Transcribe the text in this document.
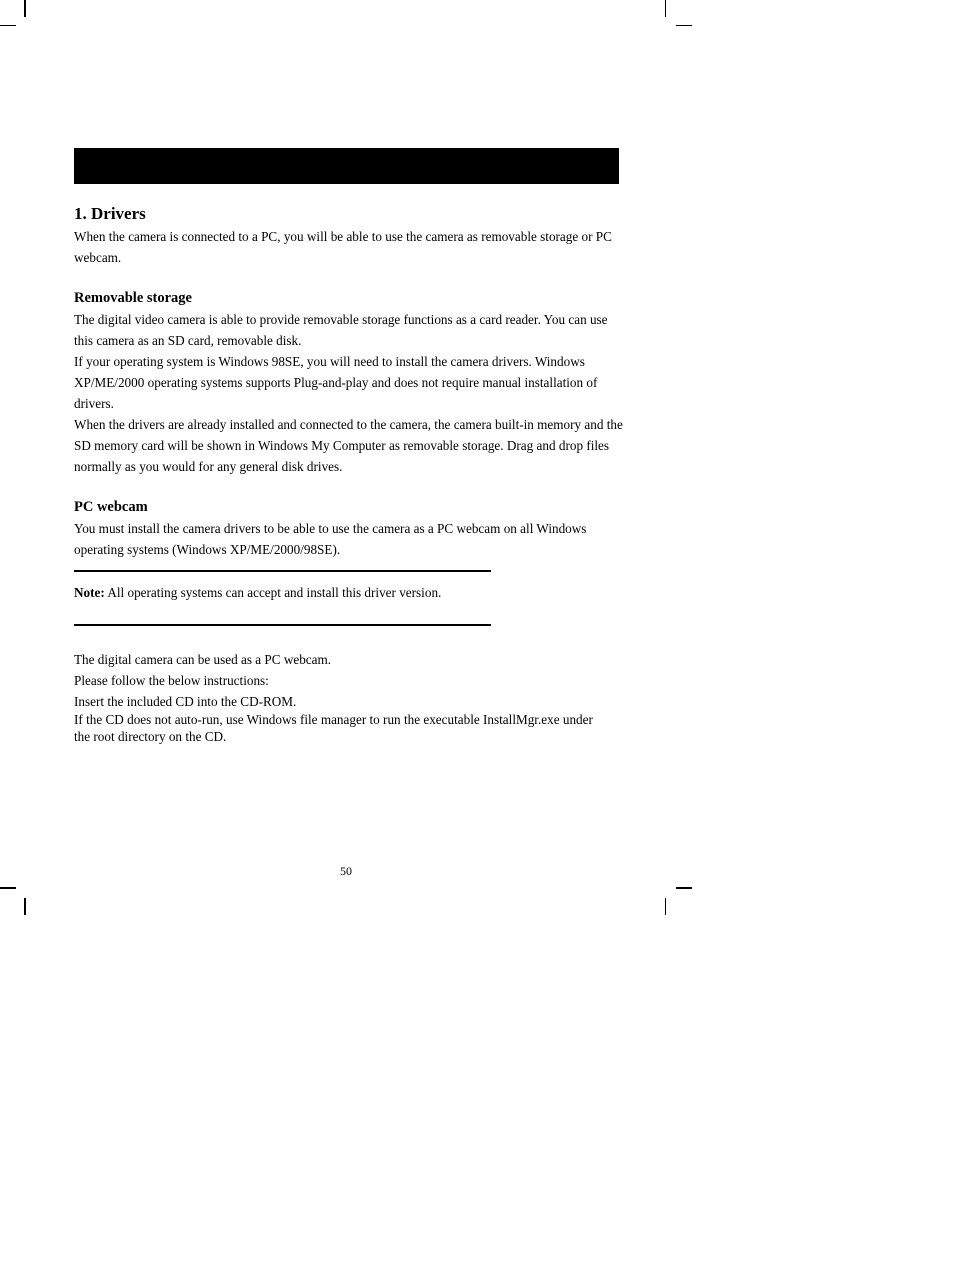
1. Drivers

When the camera is connected to a PC, you will be able to use the camera as removable storage or PC webcam.

Removable storage

The digital video camera is able to provide removable storage functions as a card reader. You can use this camera as an SD card, removable disk.

If your operating system is Windows 98SE, you will need to install the camera drivers. Windows XP/ME/2000 operating systems supports Plug-and-play and does not require manual installation of drivers.

When the drivers are already installed and connected to the camera, the camera built-in memory and the SD memory card will be shown in Windows My Computer as removable storage. Drag and drop files normally as you would for any general disk drives.

PC webcam

You must install the camera drivers to be able to use the camera as a PC webcam on all Windows operating systems (Windows XP/ME/2000/98SE).

Note: All operating systems can accept and install this driver version.

The digital camera can be used as a PC webcam.

Please follow the below instructions:

Insert the included CD into the CD-ROM.

If the CD does not auto-run, use Windows file manager to run the executable InstallMgr.exe under the root directory on the CD.

50
